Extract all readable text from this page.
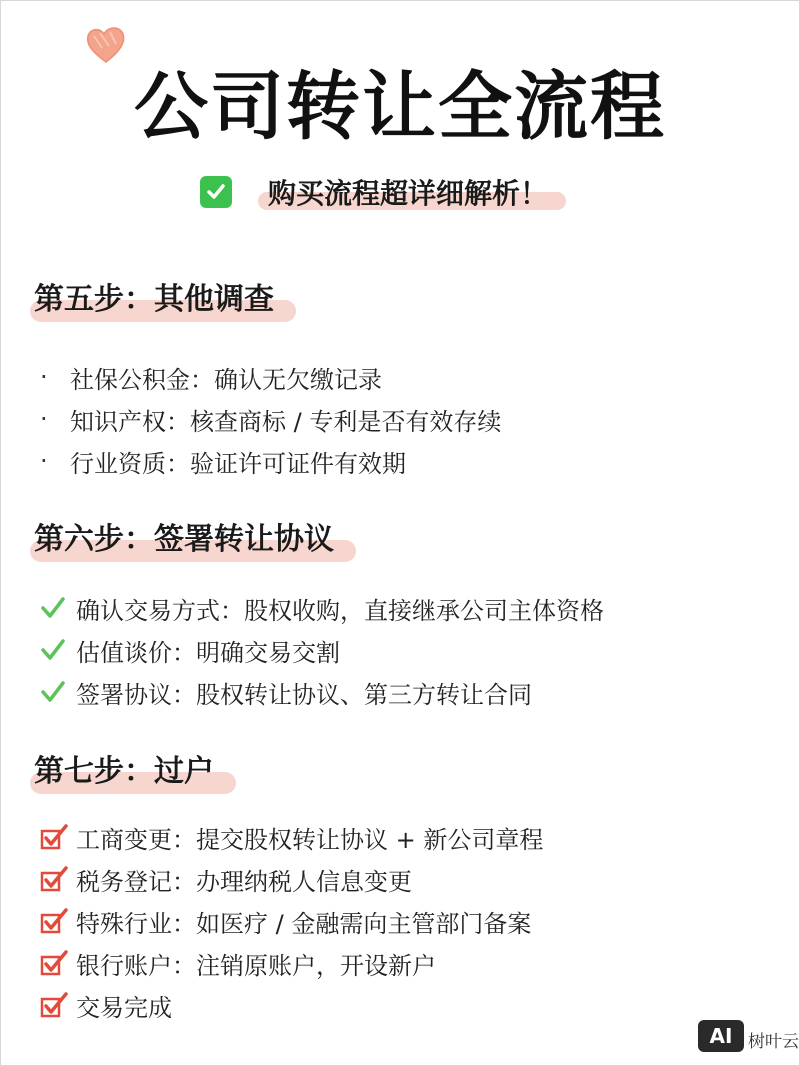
公司转让全流程
购买流程超详细解析！
第五步：其他调查
· 社保公积金：确认无欠缴记录
· 知识产权：核查商标 / 专利是否有效存续
· 行业资质：验证许可证件有效期
第六步：签署转让协议
确认交易方式：股权收购，直接继承公司主体资格
估值谈价：明确交易交割
签署协议：股权转让协议、第三方转让合同
第七步：过户
工商变更：提交股权转让协议 + 新公司章程
税务登记：办理纳税人信息变更
特殊行业：如医疗 / 金融需向主管部门备案
银行账户：注销原账户，开设新户
交易完成
AI 树叶云
